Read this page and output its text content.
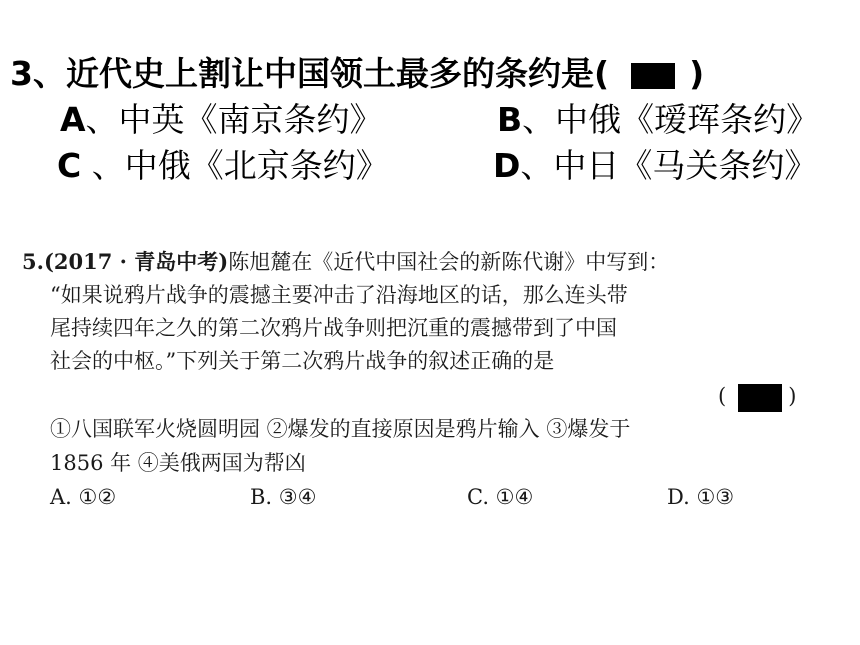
3、近代史上割让中国领土最多的条约是( )
A、中英《南京条约》	B、中俄《瑷珲条约》
C 、中俄《北京条约》	D、中日《马关条约》
5.(2017 · 青岛中考)陈旭麓在《近代中国社会的新陈代谢》中写到：
“如果说鸦片战争的震撼主要冲击了沿海地区的话，那么连头带
尾持续四年之久的第二次鸦片战争则把沉重的震撼带到了中国
社会的中枢。”下列关于第二次鸦片战争的叙述正确的是
(	)
①八国联军火烧圆明园 ②爆发的直接原因是鸦片输入 ③爆发于
1856 年 ④美俄两国为帮凶
A. ①②	B. ③④	C. ①④	D. ①③
